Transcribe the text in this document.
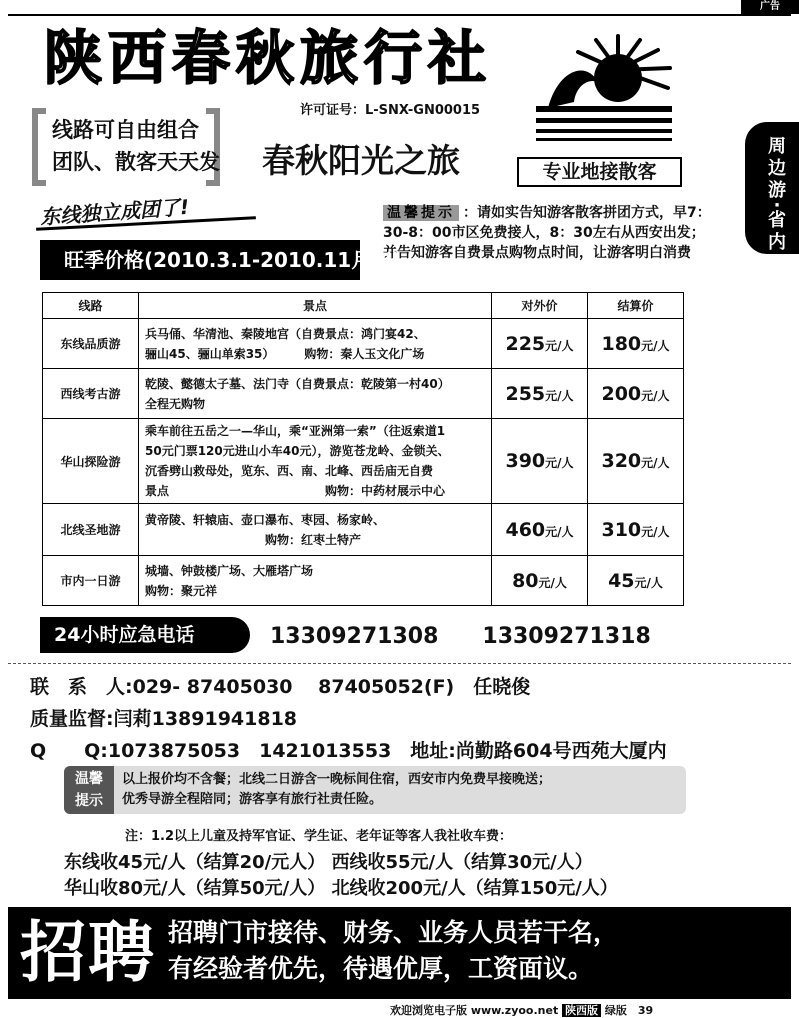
广告
陕西春秋旅行社
许可证号：L-SNX-GN00015
线路可自由组合
团队、散客天天发 春秋阳光之旅	专业地接散客
东线独立成团了!	温馨提示 ：请如实告知游客散客拼团方式，早7：30-8：00市区免费接人，8：30左右从西安出发；并告知游客自费景点购物点时间，让游客明白消费
旺季价格(2010.3.1-2010.11月底)
周
边
游
·
省
内
线路	景点	对外价	结算价
东线品质游	兵马俑、华清池、秦陵地宫（自费景点：鸿门宴42、
骊山45、骊山单索35）　　　购物：秦人玉文化广场	225元/人	180元/人
西线考古游	乾陵、懿德太子墓、法门寺（自费景点：乾陵第一村40）
全程无购物	255元/人	200元/人
华山探险游	乘车前往五岳之一—华山，乘“亚洲第一索”（往返索道1
50元门票120元进山小车40元），游览苍龙岭、金锁关、
沉香劈山救母处，览东、西、南、北峰、西岳庙无自费
景点　　　　　　　　　　　　　购物：中药材展示中心	390元/人	320元/人
北线圣地游	黄帝陵、轩辕庙、壶口瀑布、枣园、杨家岭、
　　　　　　　　　　购物：红枣土特产	460元/人	310元/人
市内一日游	城墙、钟鼓楼广场、大雁塔广场
购物：聚元祥	80元/人	45元/人
24小时应急电话	13309271308　　13309271318
联　系　人:029- 87405030　 87405052(F)　任晓俊
质量监督:闫莉13891941818
Q　　Q:1073875053　1421013553　地址:尚勤路604号西苑大厦内
温馨
提示
以上报价均不含餐；北线二日游含一晚标间住宿，西安市内免费早接晚送；
优秀导游全程陪同；游客享有旅行社责任险。
注：1.2以上儿童及持军官证、学生证、老年证等客人我社收车费：
东线收45元/人（结算20/元人） 西线收55元/人（结算30元/人）
华山收80元/人（结算50元/人） 北线收200元/人（结算150元/人）
招聘 招聘门市接待、财务、业务人员若干名，
有经验者优先，待遇优厚，工资面议。
欢迎浏览电子版 www.zyoo.net 陕西版 绿版　 39
